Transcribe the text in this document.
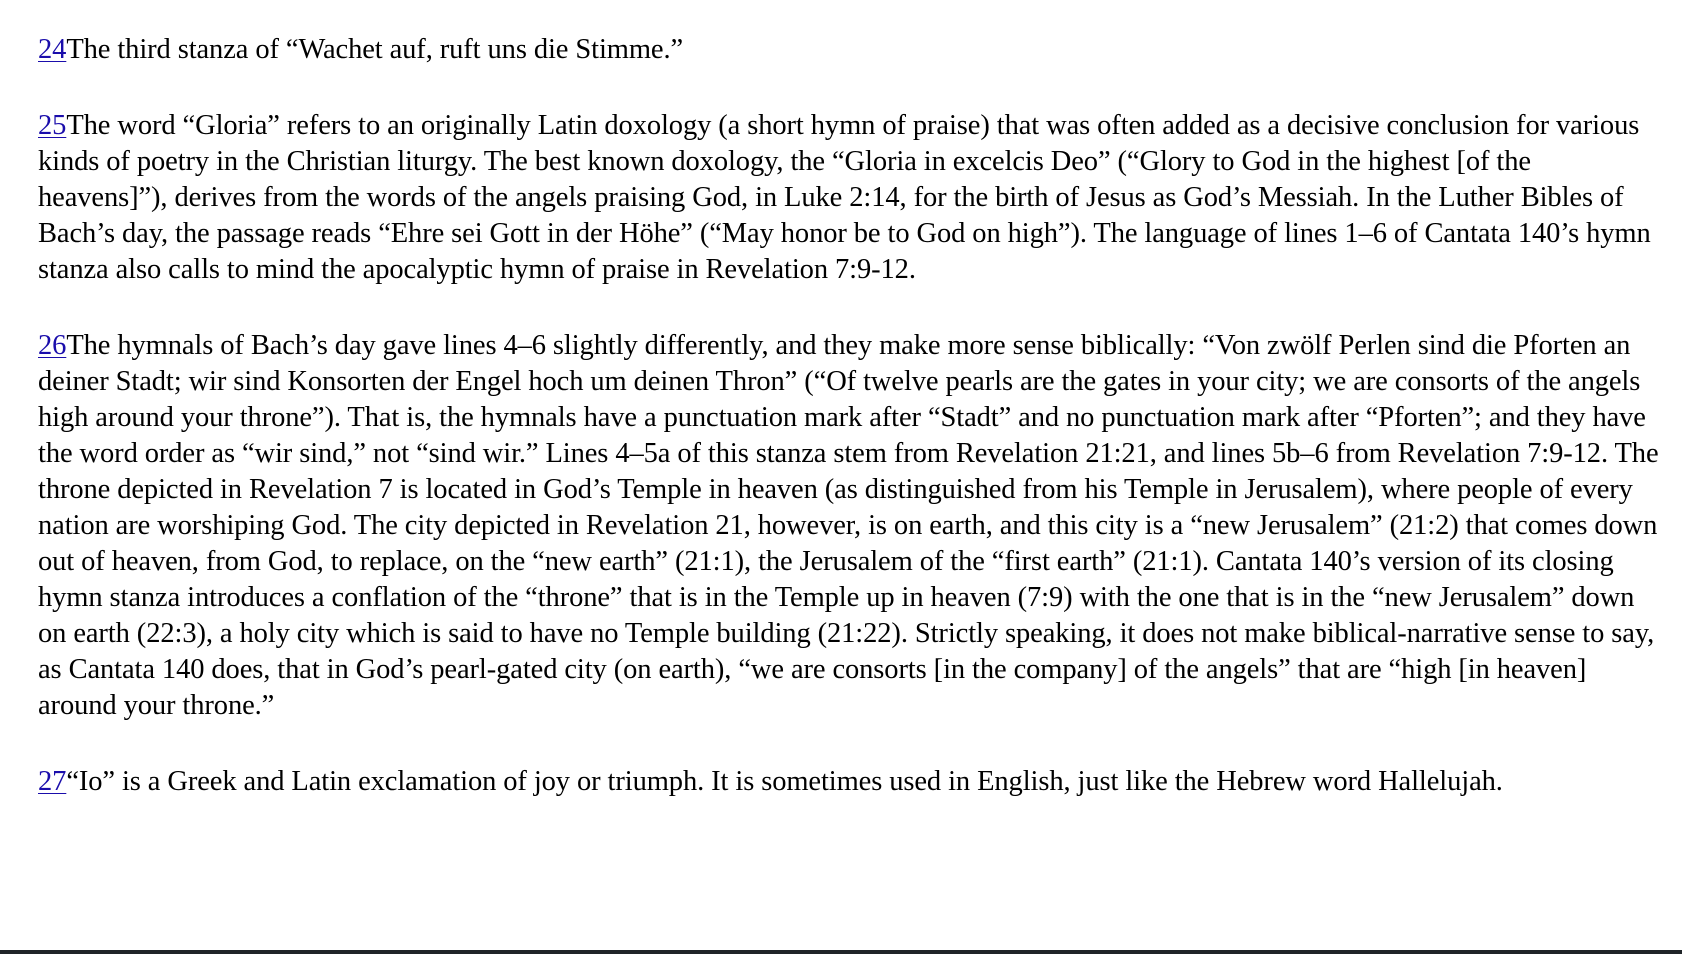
24The third stanza of “Wachet auf, ruft uns die Stimme.”

25The word “Gloria” refers to an originally Latin doxology (a short hymn of praise) that was often added as a decisive conclusion for various kinds of poetry in the Christian liturgy. The best known doxology, the “Gloria in excelcis Deo” (“Glory to God in the highest [of the heavens]”), derives from the words of the angels praising God, in Luke 2:14, for the birth of Jesus as God’s Messiah. In the Luther Bibles of Bach’s day, the passage reads “Ehre sei Gott in der Höhe” (“May honor be to God on high”). The language of lines 1–6 of Cantata 140’s hymn stanza also calls to mind the apocalyptic hymn of praise in Revelation 7:9-12.

26The hymnals of Bach’s day gave lines 4–6 slightly differently, and they make more sense biblically: “Von zwölf Perlen sind die Pforten an deiner Stadt; wir sind Konsorten der Engel hoch um deinen Thron” (“Of twelve pearls are the gates in your city; we are consorts of the angels high around your throne”). That is, the hymnals have a punctuation mark after “Stadt” and no punctuation mark after “Pforten”; and they have the word order as “wir sind,” not “sind wir.” Lines 4–5a of this stanza stem from Revelation 21:21, and lines 5b–6 from Revelation 7:9-12. The throne depicted in Revelation 7 is located in God’s Temple in heaven (as distinguished from his Temple in Jerusalem), where people of every nation are worshiping God. The city depicted in Revelation 21, however, is on earth, and this city is a “new Jerusalem” (21:2) that comes down out of heaven, from God, to replace, on the “new earth” (21:1), the Jerusalem of the “first earth” (21:1). Cantata 140’s version of its closing hymn stanza introduces a conflation of the “throne” that is in the Temple up in heaven (7:9) with the one that is in the “new Jerusalem” down on earth (22:3), a holy city which is said to have no Temple building (21:22). Strictly speaking, it does not make biblical-narrative sense to say, as Cantata 140 does, that in God’s pearl-gated city (on earth), “we are consorts [in the company] of the angels” that are “high [in heaven] around your throne.”

27“Io” is a Greek and Latin exclamation of joy or triumph. It is sometimes used in English, just like the Hebrew word Hallelujah.
